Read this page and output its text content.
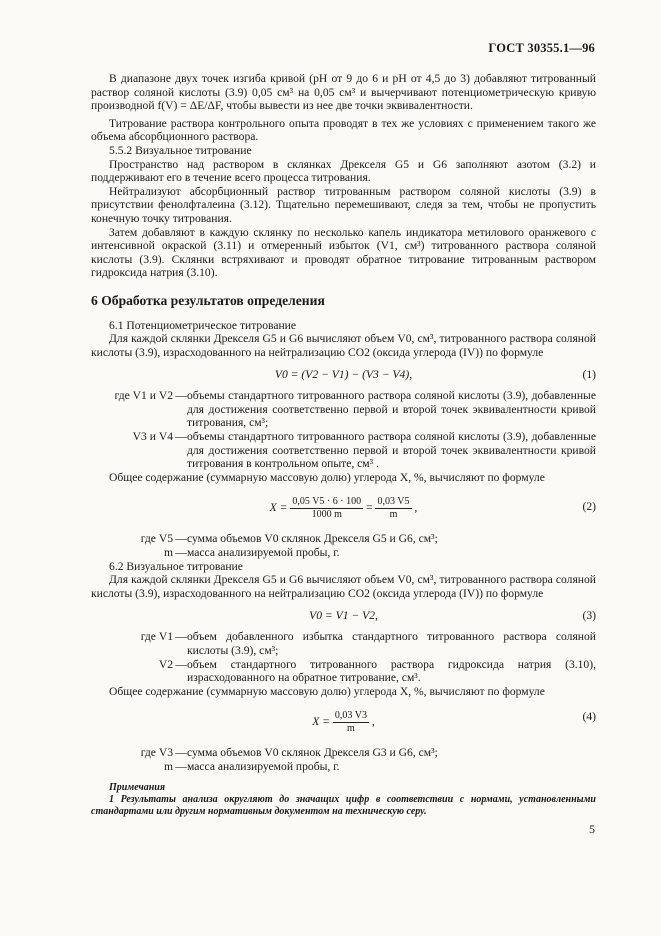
ГОСТ 30355.1—96

В диапазоне двух точек изгиба кривой (pH от 9 до 6 и pH от 4,5 до 3) добавляют титрованный раствор соляной кислоты (3.9) 0,05 см³ на 0,05 см³ и вычерчивают потенциометрическую кривую производной f(V) = ΔE/ΔF, чтобы вывести из нее две точки эквивалентности.

Титрование раствора контрольного опыта проводят в тех же условиях с применением такого же объема абсорбционного раствора.

5.5.2 Визуальное титрование

Пространство над раствором в склянках Дрекселя G5 и G6 заполняют азотом (3.2) и поддерживают его в течение всего процесса титрования.

Нейтрализуют абсорбционный раствор титрованным раствором соляной кислоты (3.9) в присутствии фенолфталеина (3.12). Тщательно перемешивают, следя за тем, чтобы не пропустить конечную точку титрования.

Затем добавляют в каждую склянку по несколько капель индикатора метилового оранжевого с интенсивной окраской (3.11) и отмеренный избыток (V1, см³) титрованного раствора соляной кислоты (3.9). Склянки встряхивают и проводят обратное титрование титрованным раствором гидроксида натрия (3.10).

6 Обработка результатов определения

6.1 Потенциометрическое титрование

Для каждой склянки Дрекселя G5 и G6 вычисляют объем V0, см³, титрованного раствора соляной кислоты (3.9), израсходованного на нейтрализацию CO2 (оксида углерода (IV)) по формуле

V0 = (V2 − V1) − (V3 − V4),	(1)
где V1 и V2 — объемы стандартного титрованного раствора соляной кислоты (3.9), добавленные для достижения соответственно первой и второй точек эквивалентности кривой титрования, см³;
V3 и V4 — объемы стандартного титрованного раствора соляной кислоты (3.9), добавленные для достижения соответственно первой и второй точек эквивалентности кривой титрования в контрольном опыте, см³ .

Общее содержание (суммарную массовую долю) углерода X, %, вычисляют по формуле

$X = \frac{0,05 V5 \cdot 6 \cdot 100}{1000 m} = \frac{0,03 V5}{m}$ ,	(2)
где V5 — сумма объемов V0 склянок Дрекселя G5 и G6, см³;
m — масса анализируемой пробы, г.

6.2 Визуальное титрование

Для каждой склянки Дрекселя G5 и G6 вычисляют объем V0, см³, титрованного раствора соляной кислоты (3.9), израсходованного на нейтрализацию CO2 (оксида углерода (IV)) по формуле

V0 = V1 − V2,	(3)
где V1 — объем добавленного избытка стандартного титрованного раствора соляной кислоты (3.9), см³;
V2 — объем стандартного титрованного раствора гидроксида натрия (3.10), израсходованного на обратное титрование, см³.

Общее содержание (суммарную массовую долю) углерода X, %, вычисляют по формуле

$X = \frac{0,03 V3}{m}$ ,	(4)
где V3 — сумма объемов V0 склянок Дрекселя G3 и G6, см³;
m — масса анализируемой пробы, г.

Примечания

1 Результаты анализа округляют до значащих цифр в соответствии с нормами, установленными стандартами или другим нормативным документом на техническую серу.

5
